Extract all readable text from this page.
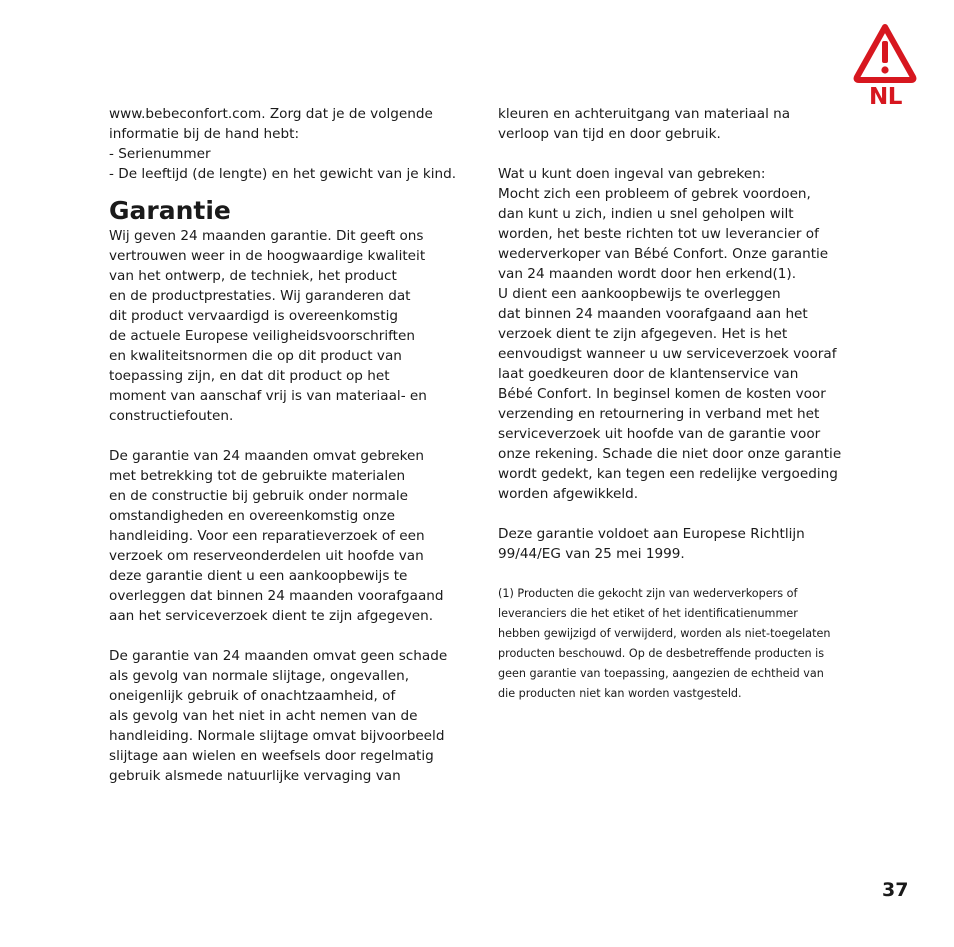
NL
www.bebeconfort.com. Zorg dat je de volgende
informatie bij de hand hebt:
- Serienummer
- De leeftijd (de lengte) en het gewicht van je kind.
Garantie
Wij geven 24 maanden garantie. Dit geeft ons
vertrouwen weer in de hoogwaardige kwaliteit
van het ontwerp, de techniek, het product
en de productprestaties. Wij garanderen dat
dit product vervaardigd is overeenkomstig
de actuele Europese veiligheidsvoorschriften
en kwaliteitsnormen die op dit product van
toepassing zijn, en dat dit product op het
moment van aanschaf vrij is van materiaal- en
constructiefouten.
De garantie van 24 maanden omvat gebreken
met betrekking tot de gebruikte materialen
en de constructie bij gebruik onder normale
omstandigheden en overeenkomstig onze
handleiding. Voor een reparatieverzoek of een
verzoek om reserveonderdelen uit hoofde van
deze garantie dient u een aankoopbewijs te
overleggen dat binnen 24 maanden voorafgaand
aan het serviceverzoek dient te zijn afgegeven.
De garantie van 24 maanden omvat geen schade
als gevolg van normale slijtage, ongevallen,
oneigenlijk gebruik of onachtzaamheid, of
als gevolg van het niet in acht nemen van de
handleiding. Normale slijtage omvat bijvoorbeeld
slijtage aan wielen en weefsels door regelmatig
gebruik alsmede natuurlijke vervaging van
kleuren en achteruitgang van materiaal na
verloop van tijd en door gebruik.
Wat u kunt doen ingeval van gebreken:
Mocht zich een probleem of gebrek voordoen,
dan kunt u zich, indien u snel geholpen wilt
worden, het beste richten tot uw leverancier of
wederverkoper van Bébé Confort. Onze garantie
van 24 maanden wordt door hen erkend(1).
U dient een aankoopbewijs te overleggen
dat binnen 24 maanden voorafgaand aan het
verzoek dient te zijn afgegeven. Het is het
eenvoudigst wanneer u uw serviceverzoek vooraf
laat goedkeuren door de klantenservice van
Bébé Confort. In beginsel komen de kosten voor
verzending en retournering in verband met het
serviceverzoek uit hoofde van de garantie voor
onze rekening. Schade die niet door onze garantie
wordt gedekt, kan tegen een redelijke vergoeding
worden afgewikkeld.
Deze garantie voldoet aan Europese Richtlijn
99/44/EG van 25 mei 1999.
(1) Producten die gekocht zijn van wederverkopers of
leveranciers die het etiket of het identificatienummer
hebben gewijzigd of verwijderd, worden als niet-toegelaten
producten beschouwd. Op de desbetreffende producten is
geen garantie van toepassing, aangezien de echtheid van
die producten niet kan worden vastgesteld.
37
